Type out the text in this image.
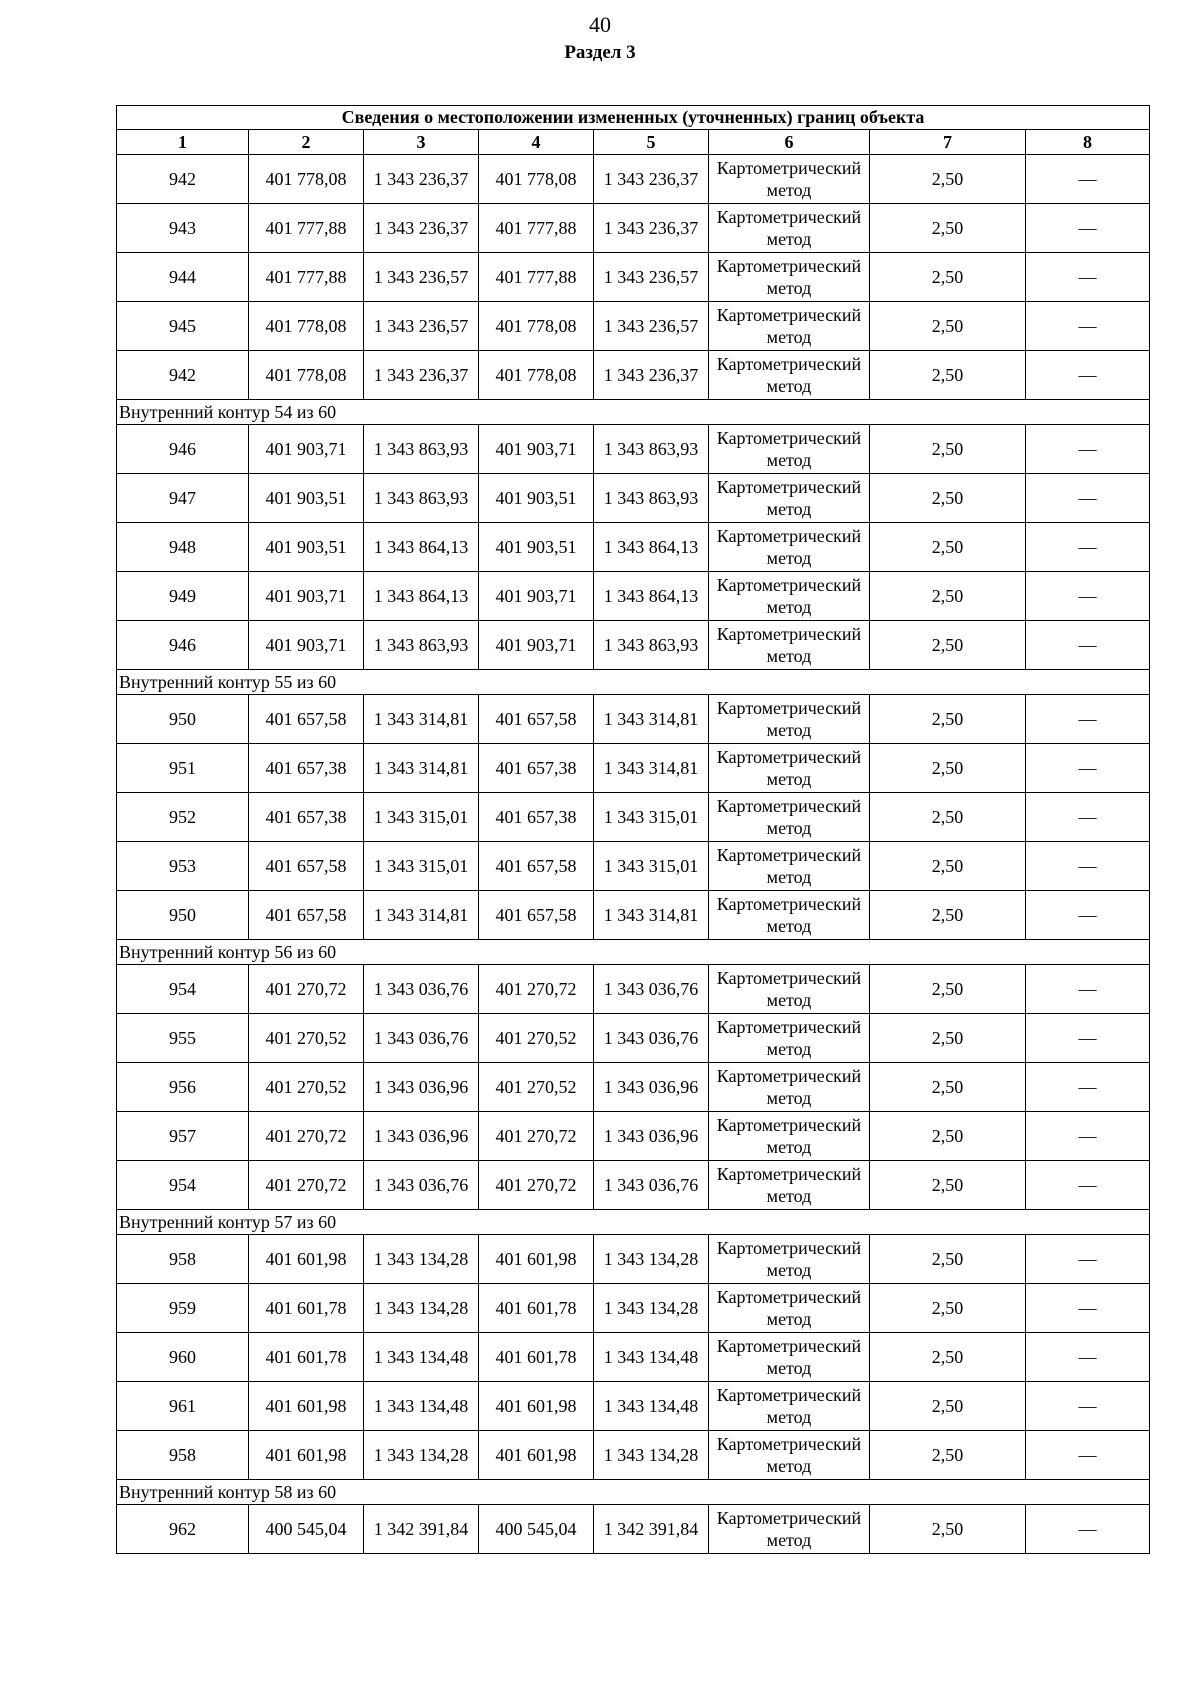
40
Раздел 3
Сведения о местоположении измененных (уточненных) границ объекта							
1	2	3	4	5	6	7	8
942	401 778,08	1 343 236,37	401 778,08	1 343 236,37	Картометрический метод	2,50	—
943	401 777,88	1 343 236,37	401 777,88	1 343 236,37	Картометрический метод	2,50	—
944	401 777,88	1 343 236,57	401 777,88	1 343 236,57	Картометрический метод	2,50	—
945	401 778,08	1 343 236,57	401 778,08	1 343 236,57	Картометрический метод	2,50	—
942	401 778,08	1 343 236,37	401 778,08	1 343 236,37	Картометрический метод	2,50	—
Внутренний контур 54 из 60							
946	401 903,71	1 343 863,93	401 903,71	1 343 863,93	Картометрический метод	2,50	—
947	401 903,51	1 343 863,93	401 903,51	1 343 863,93	Картометрический метод	2,50	—
948	401 903,51	1 343 864,13	401 903,51	1 343 864,13	Картометрический метод	2,50	—
949	401 903,71	1 343 864,13	401 903,71	1 343 864,13	Картометрический метод	2,50	—
946	401 903,71	1 343 863,93	401 903,71	1 343 863,93	Картометрический метод	2,50	—
Внутренний контур 55 из 60							
950	401 657,58	1 343 314,81	401 657,58	1 343 314,81	Картометрический метод	2,50	—
951	401 657,38	1 343 314,81	401 657,38	1 343 314,81	Картометрический метод	2,50	—
952	401 657,38	1 343 315,01	401 657,38	1 343 315,01	Картометрический метод	2,50	—
953	401 657,58	1 343 315,01	401 657,58	1 343 315,01	Картометрический метод	2,50	—
950	401 657,58	1 343 314,81	401 657,58	1 343 314,81	Картометрический метод	2,50	—
Внутренний контур 56 из 60							
954	401 270,72	1 343 036,76	401 270,72	1 343 036,76	Картометрический метод	2,50	—
955	401 270,52	1 343 036,76	401 270,52	1 343 036,76	Картометрический метод	2,50	—
956	401 270,52	1 343 036,96	401 270,52	1 343 036,96	Картометрический метод	2,50	—
957	401 270,72	1 343 036,96	401 270,72	1 343 036,96	Картометрический метод	2,50	—
954	401 270,72	1 343 036,76	401 270,72	1 343 036,76	Картометрический метод	2,50	—
Внутренний контур 57 из 60							
958	401 601,98	1 343 134,28	401 601,98	1 343 134,28	Картометрический метод	2,50	—
959	401 601,78	1 343 134,28	401 601,78	1 343 134,28	Картометрический метод	2,50	—
960	401 601,78	1 343 134,48	401 601,78	1 343 134,48	Картометрический метод	2,50	—
961	401 601,98	1 343 134,48	401 601,98	1 343 134,48	Картометрический метод	2,50	—
958	401 601,98	1 343 134,28	401 601,98	1 343 134,28	Картометрический метод	2,50	—
Внутренний контур 58 из 60							
962	400 545,04	1 342 391,84	400 545,04	1 342 391,84	Картометрический метод	2,50	—
